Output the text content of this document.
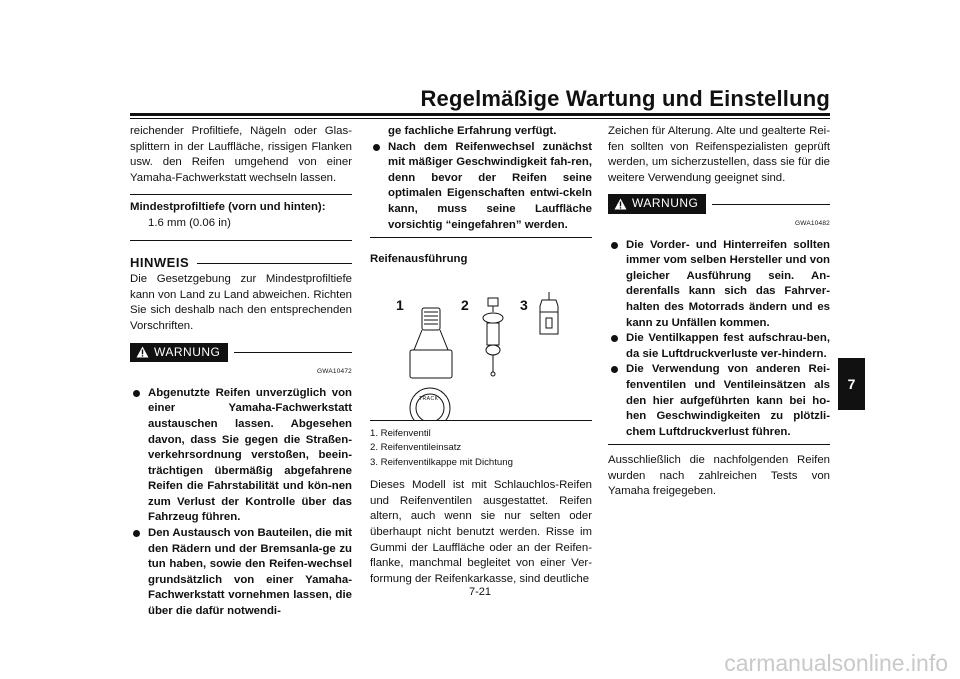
Regelmäßige Wartung und Einstellung
7

reichender Profiltiefe, Nägeln oder Glas-splittern in der Lauffläche, rissigen Flanken usw. den Reifen umgehend von einer Yamaha-Fachwerkstatt wechseln lassen.

Mindestprofiltiefe (vorn und hinten):
1.6 mm (0.06 in)
HINWEIS

Die Gesetzgebung zur Mindestprofiltiefe kann von Land zu Land abweichen. Richten Sie sich deshalb nach den entsprechenden Vorschriften.

WARNUNG
GWA10472
Abgenutzte Reifen unverzüglich von einer Yamaha-Fachwerkstatt austauschen lassen. Abgesehen davon, dass Sie gegen die Straßen-verkehrsordnung verstoßen, beein-trächtigen übermäßig abgefahrene Reifen die Fahrstabilität und kön-nen zum Verlust der Kontrolle über das Fahrzeug führen.
Den Austausch von Bauteilen, die mit den Rädern und der Bremsanla-ge zu tun haben, sowie den Reifen-wechsel grundsätzlich von einer Yamaha-Fachwerkstatt vornehmen lassen, die über die dafür notwendi-

ge fachliche Erfahrung verfügt.

Nach dem Reifenwechsel zunächst mit mäßiger Geschwindigkeit fah-ren, denn bevor der Reifen seine optimalen Eigenschaften entwi-ckeln kann, muss seine Lauffläche vorsichtig “eingefahren” werden.

Reifenausführung

1	2	3
TRACK
1. Reifenventil
2. Reifenventileinsatz
3. Reifenventilkappe mit Dichtung

Dieses Modell ist mit Schlauchlos-Reifen und Reifenventilen ausgestattet. Reifen altern, auch wenn sie nur selten oder überhaupt nicht benutzt werden. Risse im Gummi der Lauffläche oder an der Reifen-flanke, manchmal begleitet von einer Ver-formung der Reifenkarkasse, sind deutliche

Zeichen für Alterung. Alte und gealterte Rei-fen sollten von Reifenspezialisten geprüft werden, um sicherzustellen, dass sie für die weitere Verwendung geeignet sind.

WARNUNG
GWA10482
Die Vorder- und Hinterreifen sollten immer vom selben Hersteller und von gleicher Ausführung sein. An-derenfalls kann sich das Fahrver-halten des Motorrads ändern und es kann zu Unfällen kommen.
Die Ventilkappen fest aufschrau-ben, da sie Luftdruckverluste ver-hindern.
Die Verwendung von anderen Rei-fenventilen und Ventileinsätzen als den hier aufgeführten kann bei ho-hen Geschwindigkeiten zu plötzli-chem Luftdruckverlust führen.

Ausschließlich die nachfolgenden Reifen wurden nach zahlreichen Tests von Yamaha freigegeben.

7-21
carmanualsonline.info
